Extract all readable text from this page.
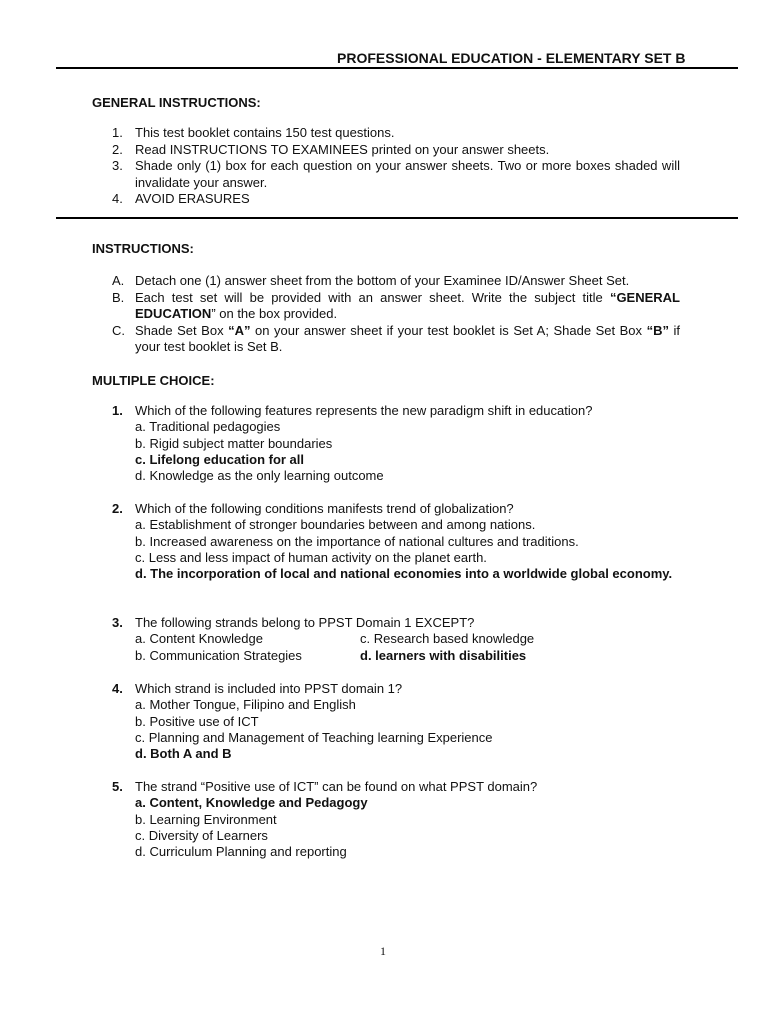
PROFESSIONAL EDUCATION - ELEMENTARY SET B
GENERAL INSTRUCTIONS:
1. This test booklet contains 150 test questions.
2. Read INSTRUCTIONS TO EXAMINEES printed on your answer sheets.
3. Shade only (1) box for each question on your answer sheets. Two or more boxes shaded will invalidate your answer.
4. AVOID ERASURES
INSTRUCTIONS:
A. Detach one (1) answer sheet from the bottom of your Examinee ID/Answer Sheet Set.
B. Each test set will be provided with an answer sheet. Write the subject title “GENERAL EDUCATION” on the box provided.
C. Shade Set Box “A” on your answer sheet if your test booklet is Set A; Shade Set Box “B” if your test booklet is Set B.
MULTIPLE CHOICE:
1. Which of the following features represents the new paradigm shift in education?
a. Traditional pedagogies
b. Rigid subject matter boundaries
c. Lifelong education for all
d. Knowledge as the only learning outcome
2. Which of the following conditions manifests trend of globalization?
a. Establishment of stronger boundaries between and among nations.
b. Increased awareness on the importance of national cultures and traditions.
c. Less and less impact of human activity on the planet earth.
d. The incorporation of local and national economies into a worldwide global economy.
3. The following strands belong to PPST Domain 1 EXCEPT?
a. Content Knowledge	c. Research based knowledge
b. Communication Strategies	d. learners with disabilities
4. Which strand is included into PPST domain 1?
a. Mother Tongue, Filipino and English
b. Positive use of ICT
c. Planning and Management of Teaching learning Experience
d. Both A and B
5. The strand “Positive use of ICT” can be found on what PPST domain?
a. Content, Knowledge and Pedagogy
b. Learning Environment
c. Diversity of Learners
d. Curriculum Planning and reporting
1
